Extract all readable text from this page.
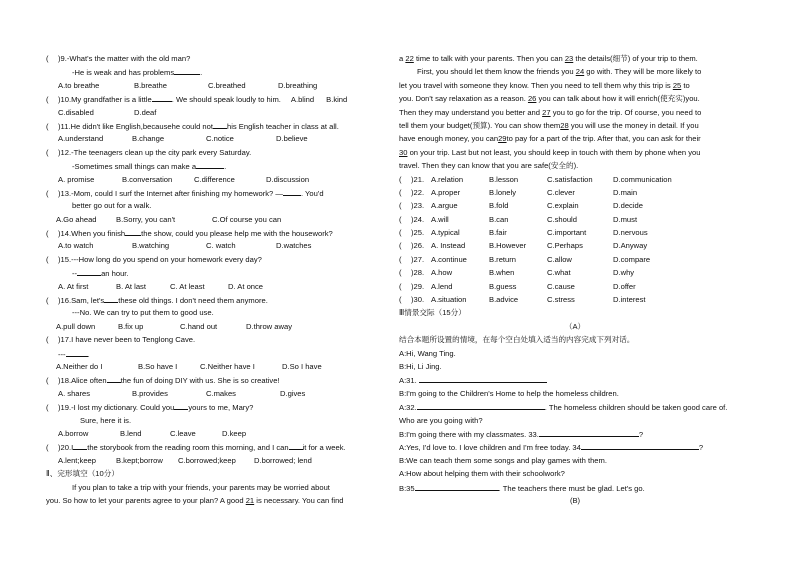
( )9.-What's the matter with the old man?
-He is weak and has problems	.
A.to breathe	B.breathe	C.breathed	D.breathing
( )10.My grandfather is a little	. We should speak loudly to him. A.blind B.kind
C.disabled	D.deaf
( )11.He didn't like English,becausehe could not his English teacher in class at all.
A.understand	B.change	C.notice	D.believe
( )12.-The teenagers clean up the city park every Saturday.
-Sometimes small things can make a	.
A. promise	B.conversation	C.difference	D.discussion
( )13.-Mom, could I surf the Internet after finishing my homework? — . You'd
better go out for a walk.
A.Go ahead	B.Sorry, you can't	C.Of course you can
( )14.When you finish the show, could you please help me with the housework?
A.to watch	B.watching	C. watch	D.watches
( )15.---How long do you spend on your homework every day?
--	an hour.
A. At first	B. At last	C. At least	D. At once
( )16.Sam, let's these old things. I don't need them anymore.
---No. We can try to put them to good use.
A.pull down	B.fix up	C.hand out	D.throw away
( )17.I have never been to Tenglong Cave.
---	.
A.Neither do I	B.So have I	C.Neither have I	D.So I have
( )18.Alice often the fun of doing DIY with us. She is so creative!
A. shares	B.provides	C.makes	D.gives
( )19.-I lost my dictionary. Could you yours to me, Mary?
Sure, here it is.
A.borrow	B.lend	C.leave	D.keep
( )20.I the storybook from the reading room this morning, and I can it for a week.
A.lent;keep	B.kept;borrow C.borrowed;keep D.borrowed; lend
Ⅱ、完形填空（10分）
If you plan to take a trip with your friends, your parents may be worried about
you. So how to let your parents agree to your plan? A good 21 is necessary. You can find
a 22 time to talk with your parents. Then you can 23 the details(细节) of your trip to them.
First, you should let them know the friends you 24 go with. They will be more likely to
let you travel with someone they know. Then you need to tell them why this trip is 25 to
you. Don't say relaxation as a reason. 26 you can talk about how it will enrich(使充实)you.
Then they may understand you better and 27 you to go for the trip. Of course, you need to
tell them your budget(预算). You can show them28 you will use the money in detail. If you
have enough money, you can29to pay for a part of the trip. After that, you can ask for their
30 on your trip. Last but not least, you should keep in touch with them by phone when you
travel. Then they can know that you are safe(安全的).
( )21. A.relation	B.lesson	C.satisfaction	D.communication
( )22. A.proper	B.lonely	C.clever	D.main
( )23. A.argue	B.fold	C.explain	D.decide
( )24. A.will	B.can	C.should	D.must
( )25. A.typical	B.fair	C.important	D.nervous
( )26. A. Instead	B.However	C.Perhaps	D.Anyway
( )27. A.continue	B.return	C.allow	D.compare
( )28. A.how	B.when	C.what	D.why
( )29. A.lend	B.guess	C.cause	D.offer
( )30. A.situation	B.advice	C.stress	D.interest
Ⅲ情景交际（15分）
（A）
结合本题所设置的情境，在每个空白处填入适当的内容完成下列对话。
A:Hi, Wang Ting.
B:Hi, Li Jing.
A:31.
B:I'm going to the Children's Home to help the homeless children.
A:32.	. The homeless children should be taken good care of.
Who are you going with?
B:I'm going there with my classmates. 33.	?
A:Yes, I'd love to. I love children and I'm free today. 34	?
B:We can teach them some songs and play games with them.
A:How about helping them with their schoolwork?
B:35	. The teachers there must be glad. Let's go.
(B)
